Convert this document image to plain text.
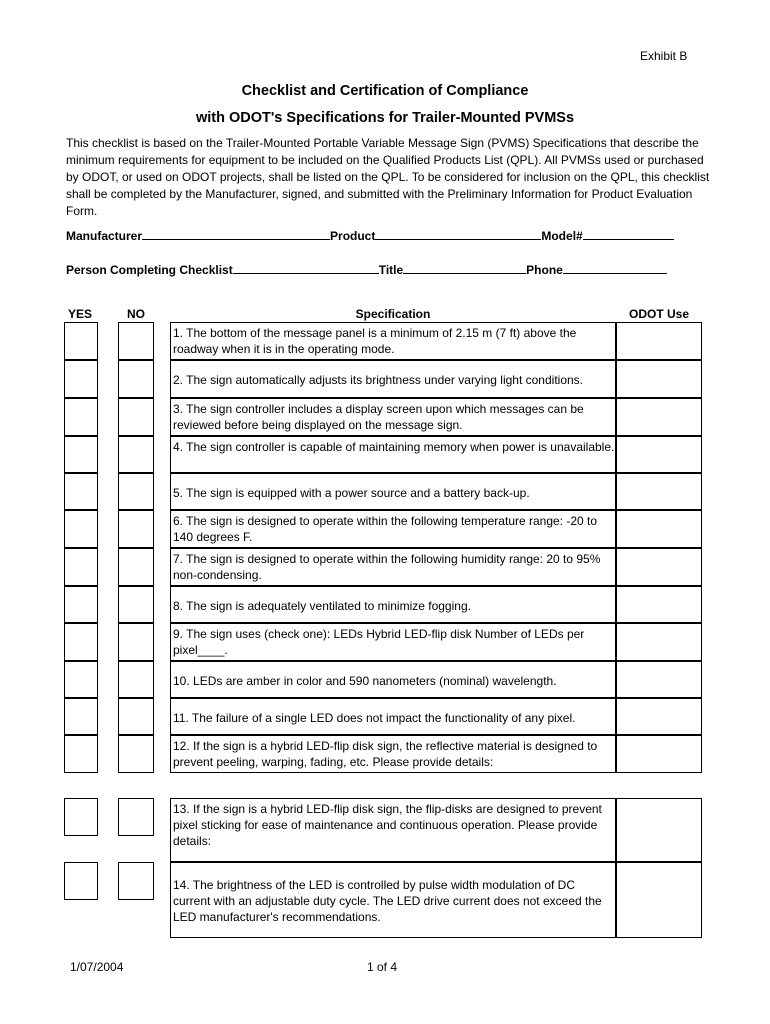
Exhibit B
Checklist and Certification of Compliance
with ODOT's Specifications for Trailer-Mounted PVMSs
This checklist is based on the Trailer-Mounted Portable Variable Message Sign (PVMS) Specifications that describe the minimum requirements for equipment to be included on the Qualified Products List (QPL). All PVMSs used or purchased by ODOT, or used on ODOT projects, shall be listed on the QPL. To be considered for inclusion on the QPL, this checklist shall be completed by the Manufacturer, signed, and submitted with the Preliminary Information for Product Evaluation Form.
Manufacturer	Product	Model#
Person Completing Checklist	Title	Phone
YES	NO	Specification	ODOT Use
1. The bottom of the message panel is a minimum of 2.15 m (7 ft) above the roadway when it is in the operating mode.
2. The sign automatically adjusts its brightness under varying light conditions.
3. The sign controller includes a display screen upon which messages can be reviewed before being displayed on the message sign.
4. The sign controller is capable of maintaining memory when power is unavailable.
5. The sign is equipped with a power source and a battery back-up.
6. The sign is designed to operate within the following temperature range: -20 to 140 degrees F.
7. The sign is designed to operate within the following humidity range: 20 to 95% non-condensing.
8. The sign is adequately ventilated to minimize fogging.
9. The sign uses (check one): LEDs Hybrid LED-flip disk Number of LEDs per pixel____.
10. LEDs are amber in color and 590 nanometers (nominal) wavelength.
11. The failure of a single LED does not impact the functionality of any pixel.
12. If the sign is a hybrid LED-flip disk sign, the reflective material is designed to prevent peeling, warping, fading, etc. Please provide details:
13. If the sign is a hybrid LED-flip disk sign, the flip-disks are designed to prevent pixel sticking for ease of maintenance and continuous operation. Please provide details:
14. The brightness of the LED is controlled by pulse width modulation of DC current with an adjustable duty cycle. The LED drive current does not exceed the LED manufacturer's recommendations.
1/07/2004	1 of 4
